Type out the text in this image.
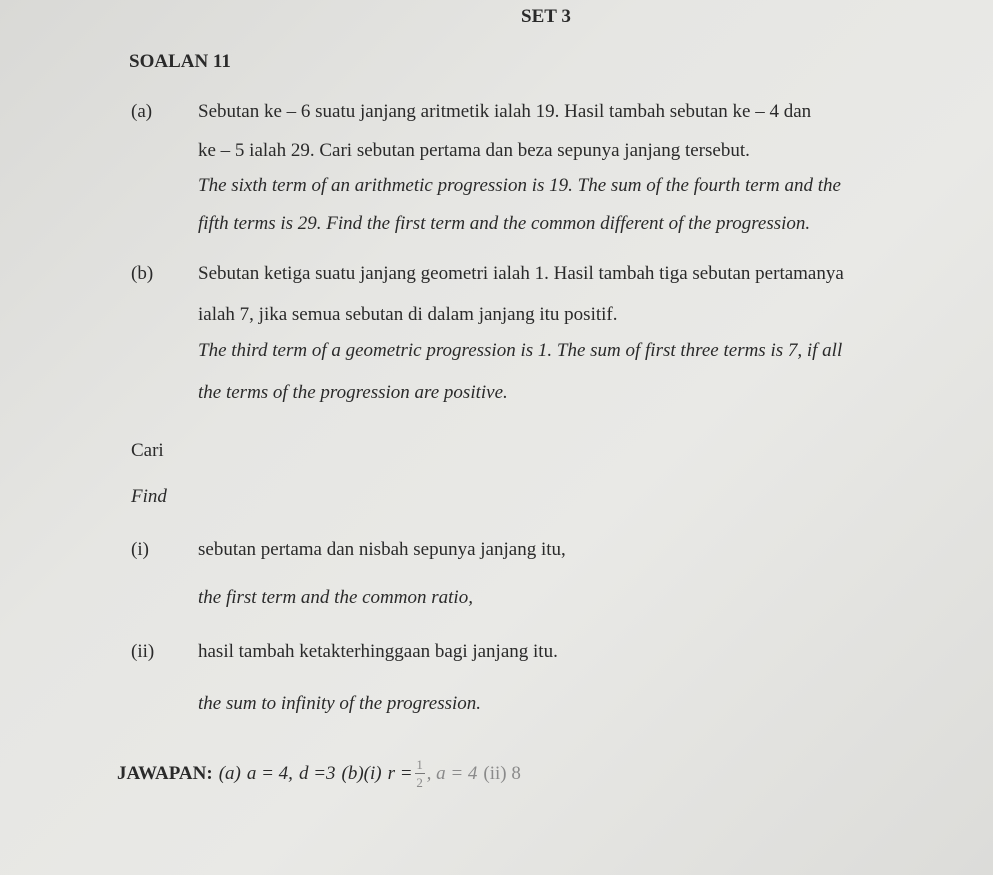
SET 3
SOALAN 11
(a) Sebutan ke – 6 suatu janjang aritmetik ialah 19. Hasil tambah sebutan ke – 4 dan
ke – 5 ialah 29. Cari sebutan pertama dan beza sepunya janjang tersebut.
The sixth term of an arithmetic progression is 19. The sum of the fourth term and the
fifth terms is 29. Find the first term and the common different of the progression.
(b) Sebutan ketiga suatu janjang geometri ialah 1. Hasil tambah tiga sebutan pertamanya
ialah 7, jika semua sebutan di dalam janjang itu positif.
The third term of a geometric progression is 1. The sum of first three terms is 7, if all
the terms of the progression are positive.
Cari
Find
(i)	sebutan pertama dan nisbah sepunya janjang itu,
the first term and the common ratio,
(ii) hasil tambah ketakterhinggaan bagi janjang itu.
the sum to infinity of the progression.
JAWAPAN: (a) a = 4, d =3 (b)(i) $r = \frac{1}{2}$ , a = 4 (ii) 8
